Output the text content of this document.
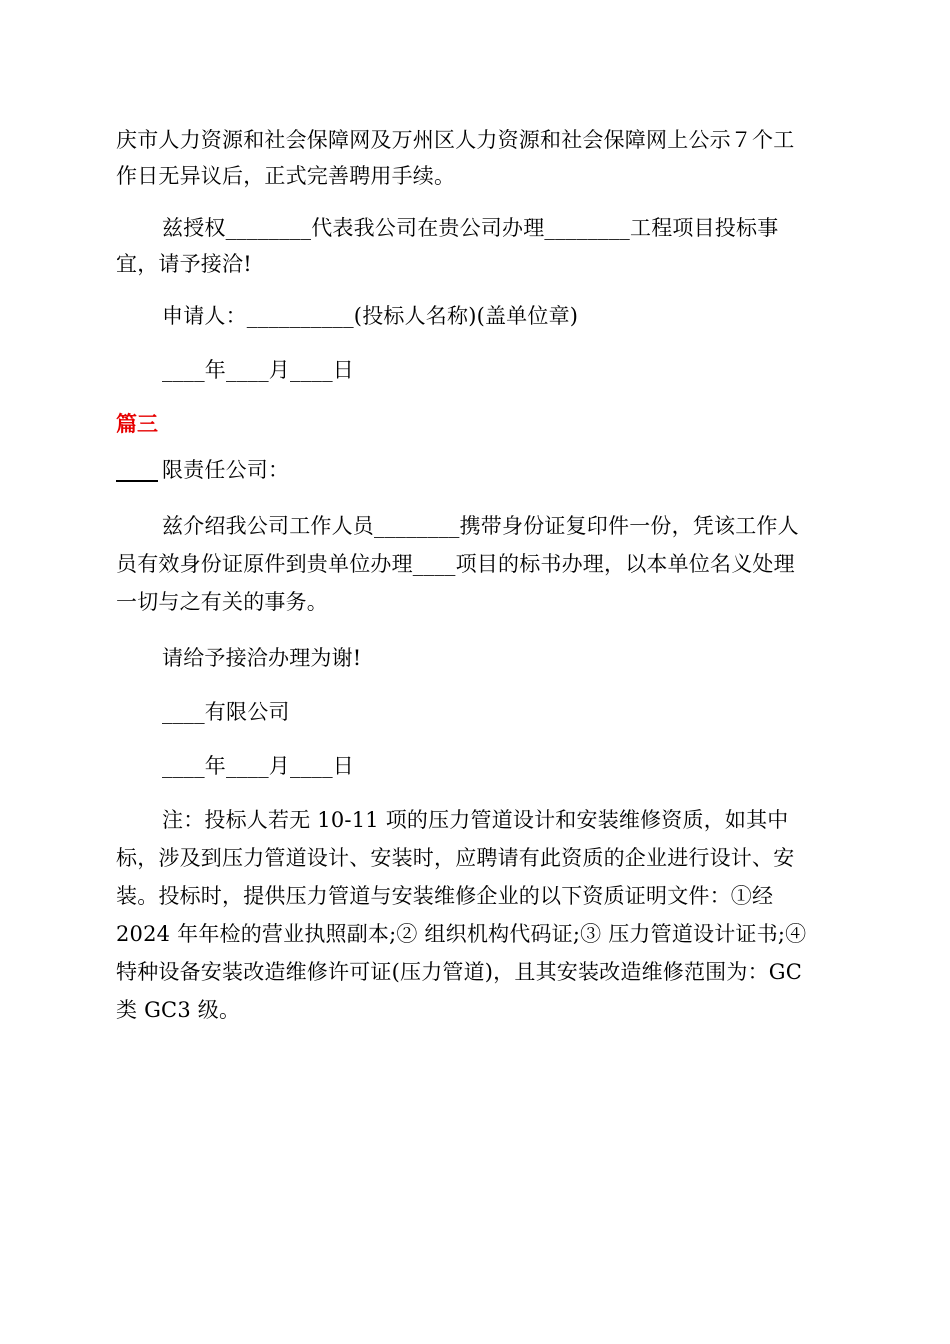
庆市人力资源和社会保障网及万州区人力资源和社会保障网上公示７个工
作日无异议后，正式完善聘用手续。
兹授权________代表我公司在贵公司办理________工程项目投标事
宜，请予接洽!
申请人：__________(投标人名称)(盖单位章)
____年____月____日
篇三
限责任公司：
兹介绍我公司工作人员________携带身份证复印件一份，凭该工作人
员有效身份证原件到贵单位办理____项目的标书办理，以本单位名义处理
一切与之有关的事务。
请给予接洽办理为谢!
____有限公司
____年____月____日
注：投标人若无 10-11 项的压力管道设计和安装维修资质，如其中
标，涉及到压力管道设计、安装时，应聘请有此资质的企业进行设计、安
装。投标时，提供压力管道与安装维修企业的以下资质证明文件：①经
2024 年年检的营业执照副本;② 组织机构代码证;③ 压力管道设计证书;④
特种设备安装改造维修许可证(压力管道)，且其安装改造维修范围为：GC
类 GC3 级。
